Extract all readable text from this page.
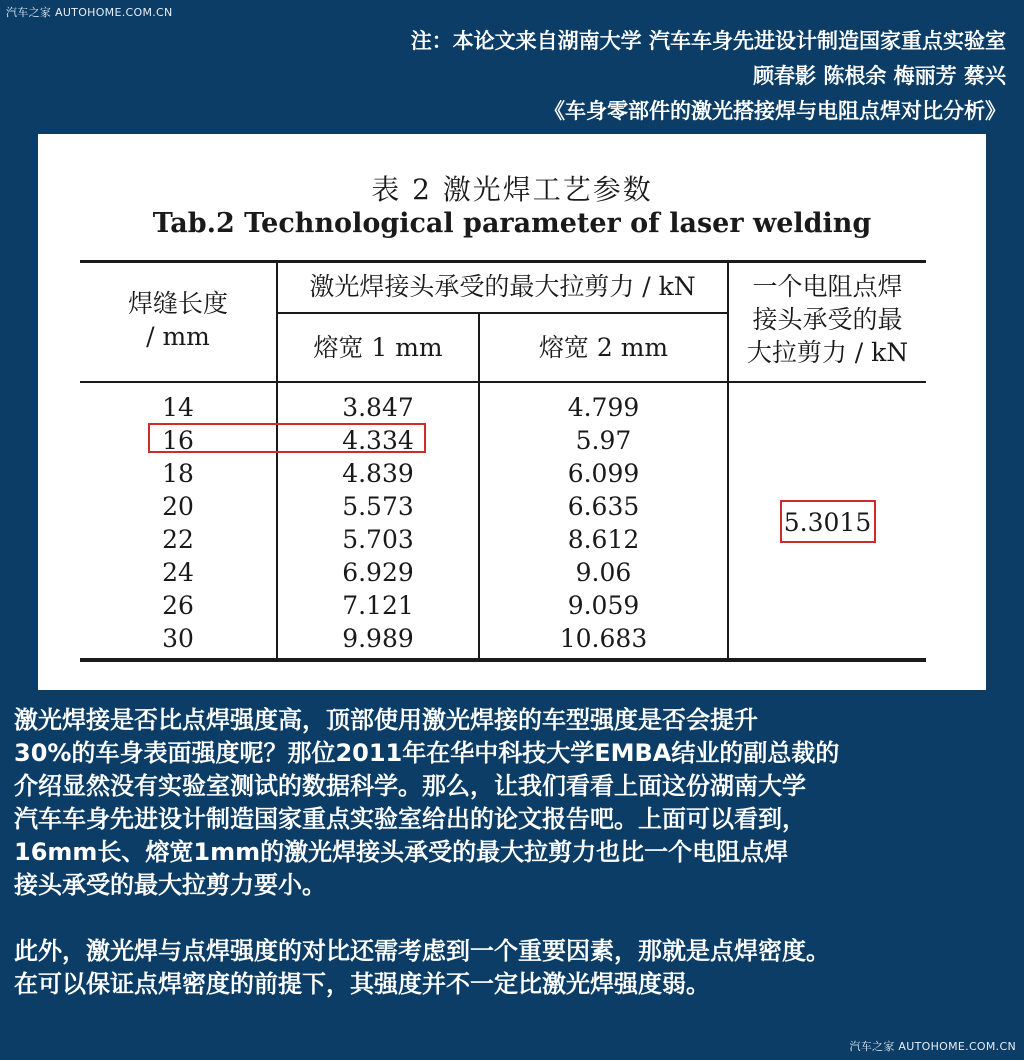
汽车之家 AUTOHOME.COM.CN
注：本论文来自湖南大学 汽车车身先进设计制造国家重点实验室
顾春影 陈根余 梅丽芳 蔡兴
《车身零部件的激光搭接焊与电阻点焊对比分析》
表 2 激光焊工艺参数
Tab.2 Technological parameter of laser welding
焊缝长度
/ mm
激光焊接头承受的最大拉剪力 / kN
熔宽 1 mm	熔宽 2 mm
一个电阻点焊
接头承受的最
大拉剪力 / kN
14	3.847	4.799
16	4.334	5.97
18	4.839	6.099
20	5.573	6.635
22	5.703	8.612
24	6.929	9.06
26	7.121	9.059
30	9.989	10.683
5.3015
激光焊接是否比点焊强度高，顶部使用激光焊接的车型强度是否会提升
30%的车身表面强度呢？那位2011年在华中科技大学EMBA结业的副总裁的
介绍显然没有实验室测试的数据科学。那么，让我们看看上面这份湖南大学
汽车车身先进设计制造国家重点实验室给出的论文报告吧。上面可以看到，
16mm长、熔宽1mm的激光焊接头承受的最大拉剪力也比一个电阻点焊
接头承受的最大拉剪力要小。
此外，激光焊与点焊强度的对比还需考虑到一个重要因素，那就是点焊密度。
在可以保证点焊密度的前提下，其强度并不一定比激光焊强度弱。
汽车之家 AUTOHOME.COM.CN
